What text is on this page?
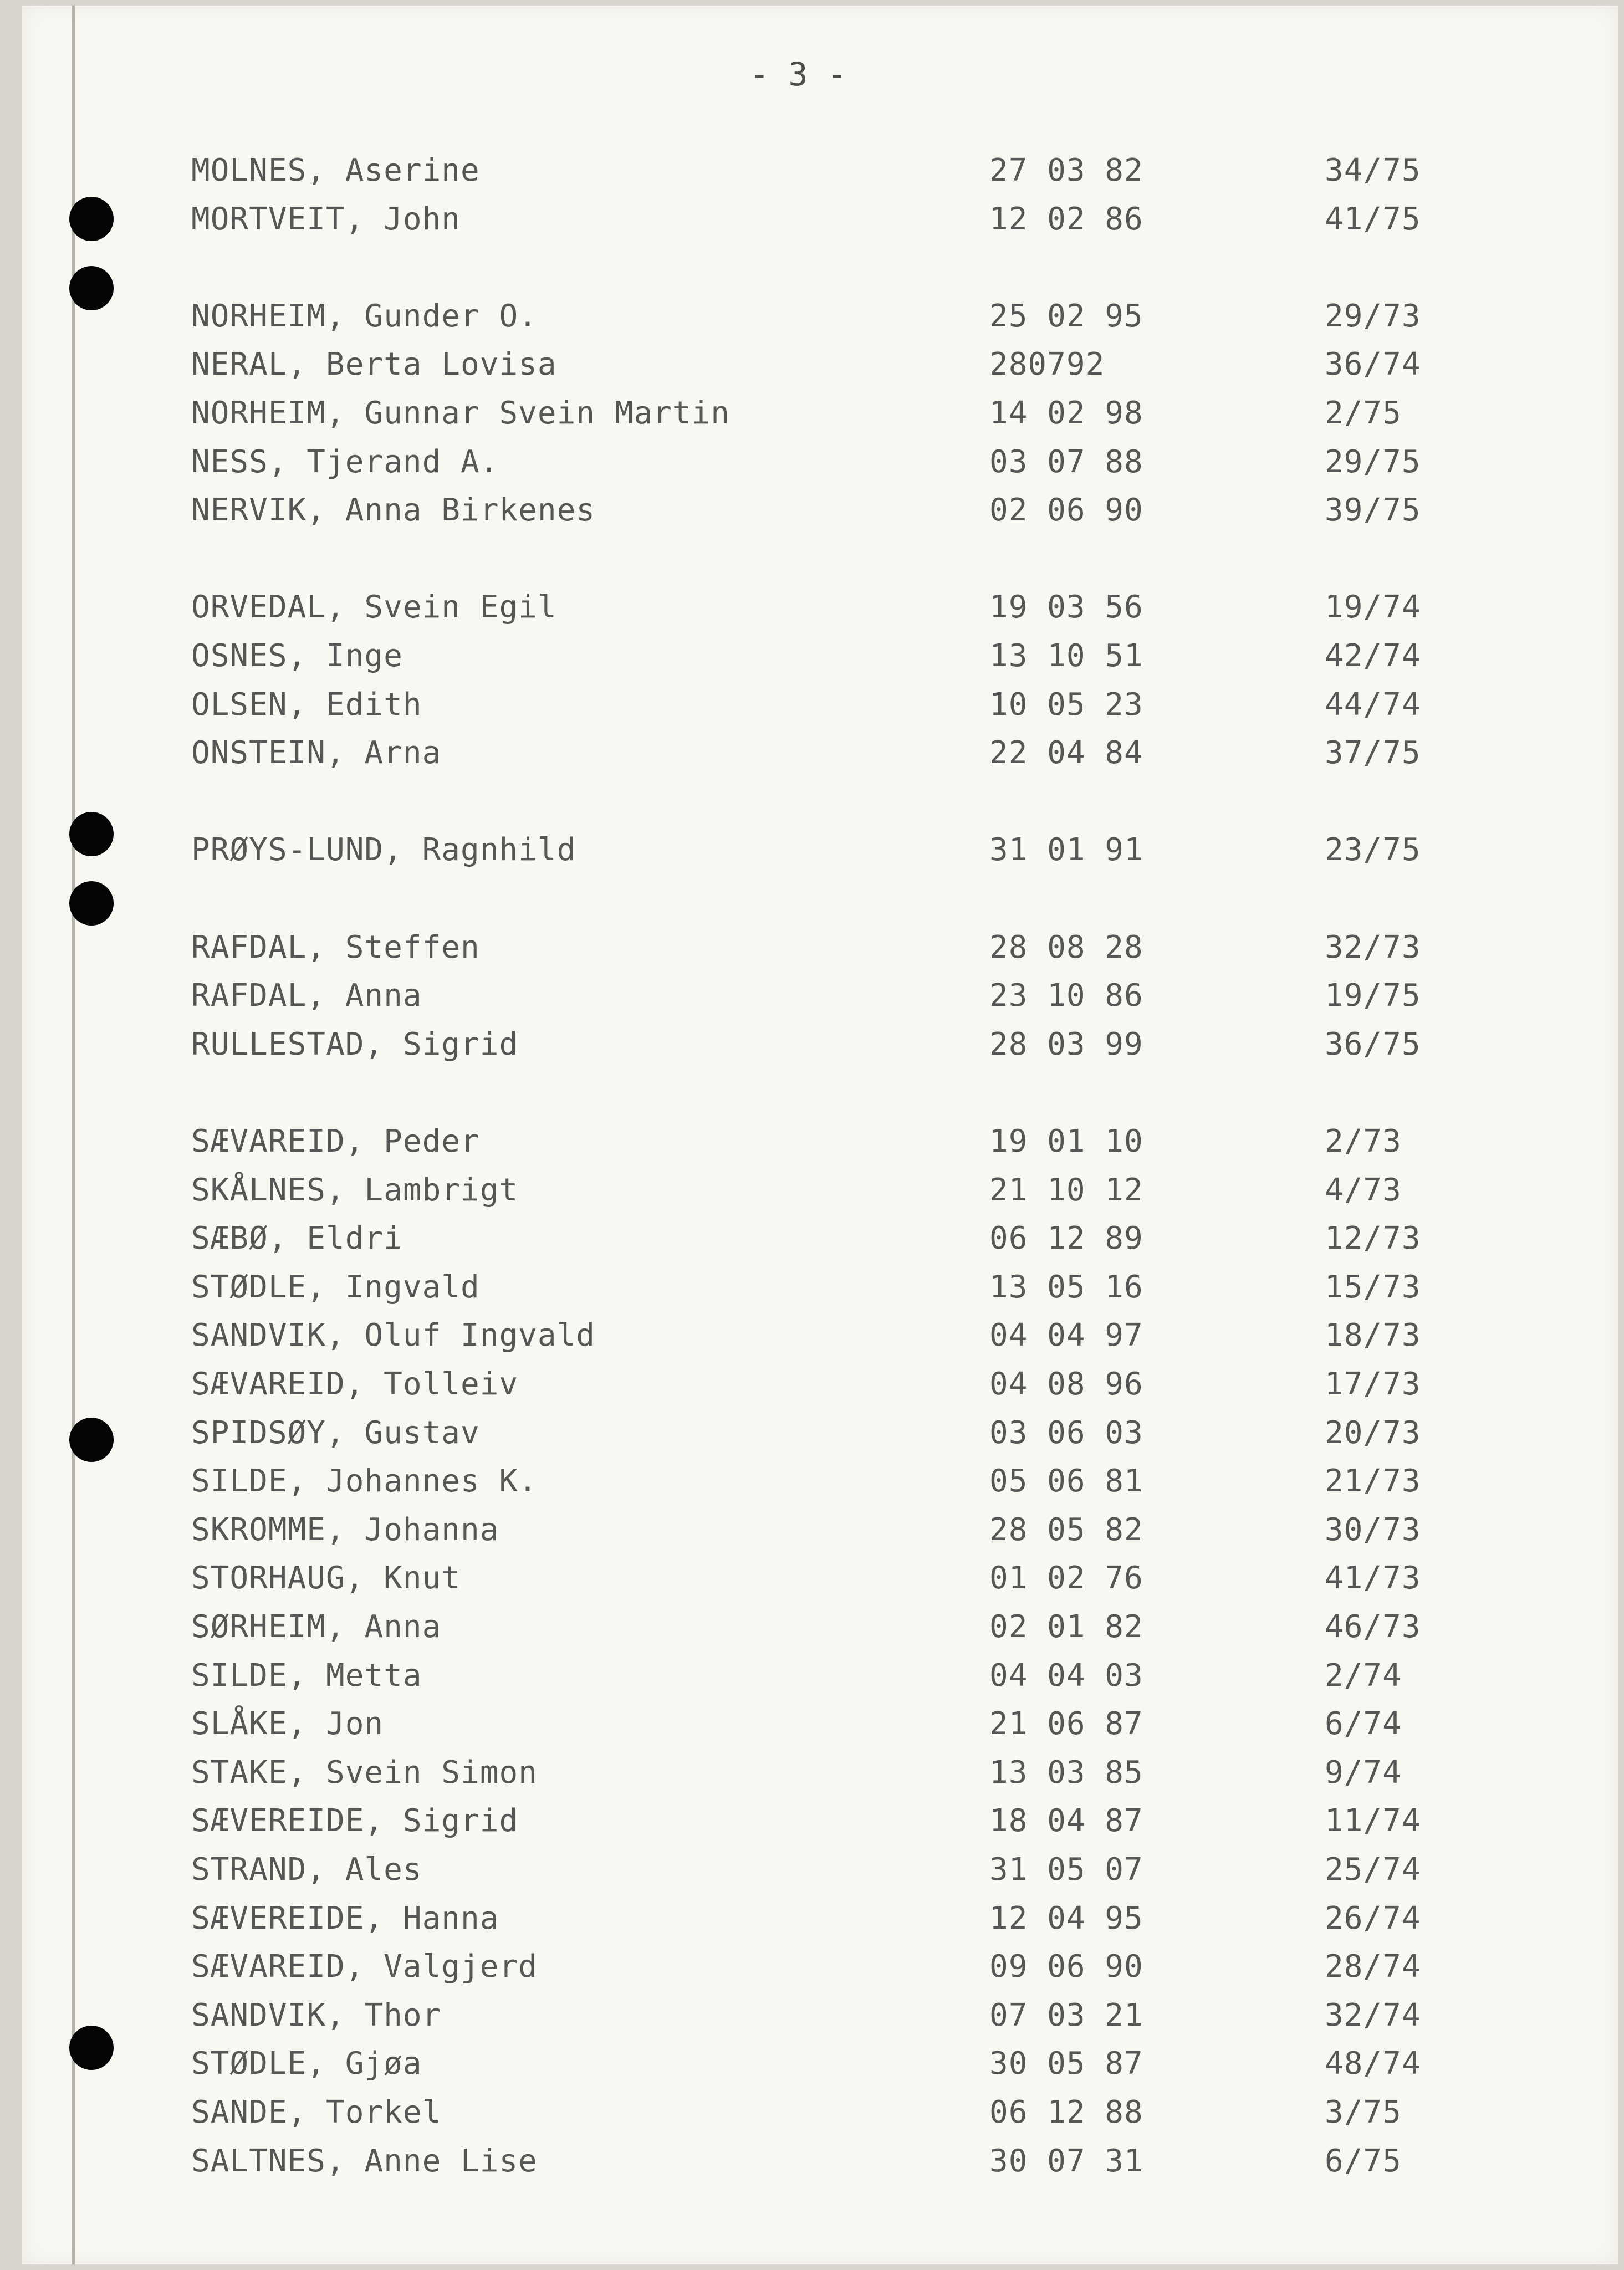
- 3 -
MOLNES, Aserine	27 03 82	34/75
MORTVEIT, John	12 02 86	41/75
NORHEIM, Gunder O.	25 02 95	29/73
NERAL, Berta Lovisa	280792	36/74
NORHEIM, Gunnar Svein Martin	14 02 98	2/75
NESS, Tjerand A.	03 07 88	29/75
NERVIK, Anna Birkenes	02 06 90	39/75
ORVEDAL, Svein Egil	19 03 56	19/74
OSNES, Inge	13 10 51	42/74
OLSEN, Edith	10 05 23	44/74
ONSTEIN, Arna	22 04 84	37/75
PRØYS-LUND, Ragnhild	31 01 91	23/75
RAFDAL, Steffen	28 08 28	32/73
RAFDAL, Anna	23 10 86	19/75
RULLESTAD, Sigrid	28 03 99	36/75
SÆVAREID, Peder	19 01 10	2/73
SKÅLNES, Lambrigt	21 10 12	4/73
SÆBØ, Eldri	06 12 89	12/73
STØDLE, Ingvald	13 05 16	15/73
SANDVIK, Oluf Ingvald	04 04 97	18/73
SÆVAREID, Tolleiv	04 08 96	17/73
SPIDSØY, Gustav	03 06 03	20/73
SILDE, Johannes K.	05 06 81	21/73
SKROMME, Johanna	28 05 82	30/73
STORHAUG, Knut	01 02 76	41/73
SØRHEIM, Anna	02 01 82	46/73
SILDE, Metta	04 04 03	2/74
SLÅKE, Jon	21 06 87	6/74
STAKE, Svein Simon	13 03 85	9/74
SÆVEREIDE, Sigrid	18 04 87	11/74
STRAND, Ales	31 05 07	25/74
SÆVEREIDE, Hanna	12 04 95	26/74
SÆVAREID, Valgjerd	09 06 90	28/74
SANDVIK, Thor	07 03 21	32/74
STØDLE, Gjøa	30 05 87	48/74
SANDE, Torkel	06 12 88	3/75
SALTNES, Anne Lise	30 07 31	6/75
